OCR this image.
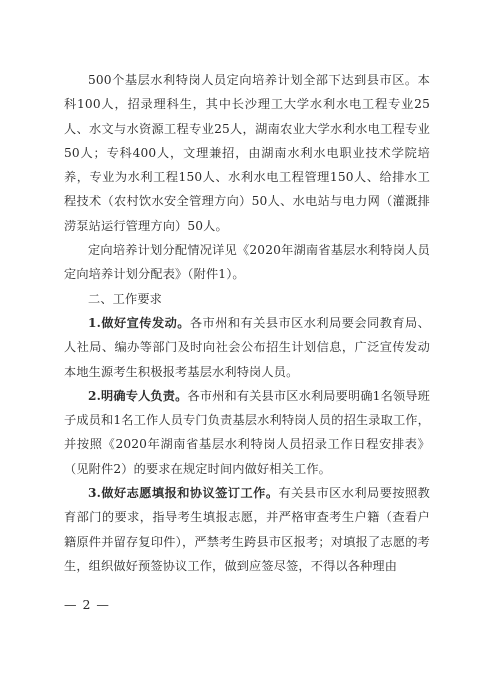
500个基层水利特岗人员定向培养计划全部下达到县市区。本科100人，招录理科生，其中长沙理工大学水利水电工程专业25人、水文与水资源工程专业25人，湖南农业大学水利水电工程专业50人；专科400人，文理兼招，由湖南水利水电职业技术学院培养，专业为水利工程150人、水利水电工程管理150人、给排水工程技术（农村饮水安全管理方向）50人、水电站与电力网（灌溉排涝泵站运行管理方向）50人。

定向培养计划分配情况详见《2020年湖南省基层水利特岗人员定向培养计划分配表》（附件1）。

二、工作要求

1.做好宣传发动。各市州和有关县市区水利局要会同教育局、人社局、编办等部门及时向社会公布招生计划信息，广泛宣传发动本地生源考生积极报考基层水利特岗人员。

2.明确专人负责。各市州和有关县市区水利局要明确1名领导班子成员和1名工作人员专门负责基层水利特岗人员的招生录取工作，并按照《2020年湖南省基层水利特岗人员招录工作日程安排表》（见附件2）的要求在规定时间内做好相关工作。

3.做好志愿填报和协议签订工作。有关县市区水利局要按照教育部门的要求，指导考生填报志愿，并严格审查考生户籍（查看户籍原件并留存复印件），严禁考生跨县市区报考；对填报了志愿的考生，组织做好预签协议工作，做到应签尽签，不得以各种理由

— 2 —
